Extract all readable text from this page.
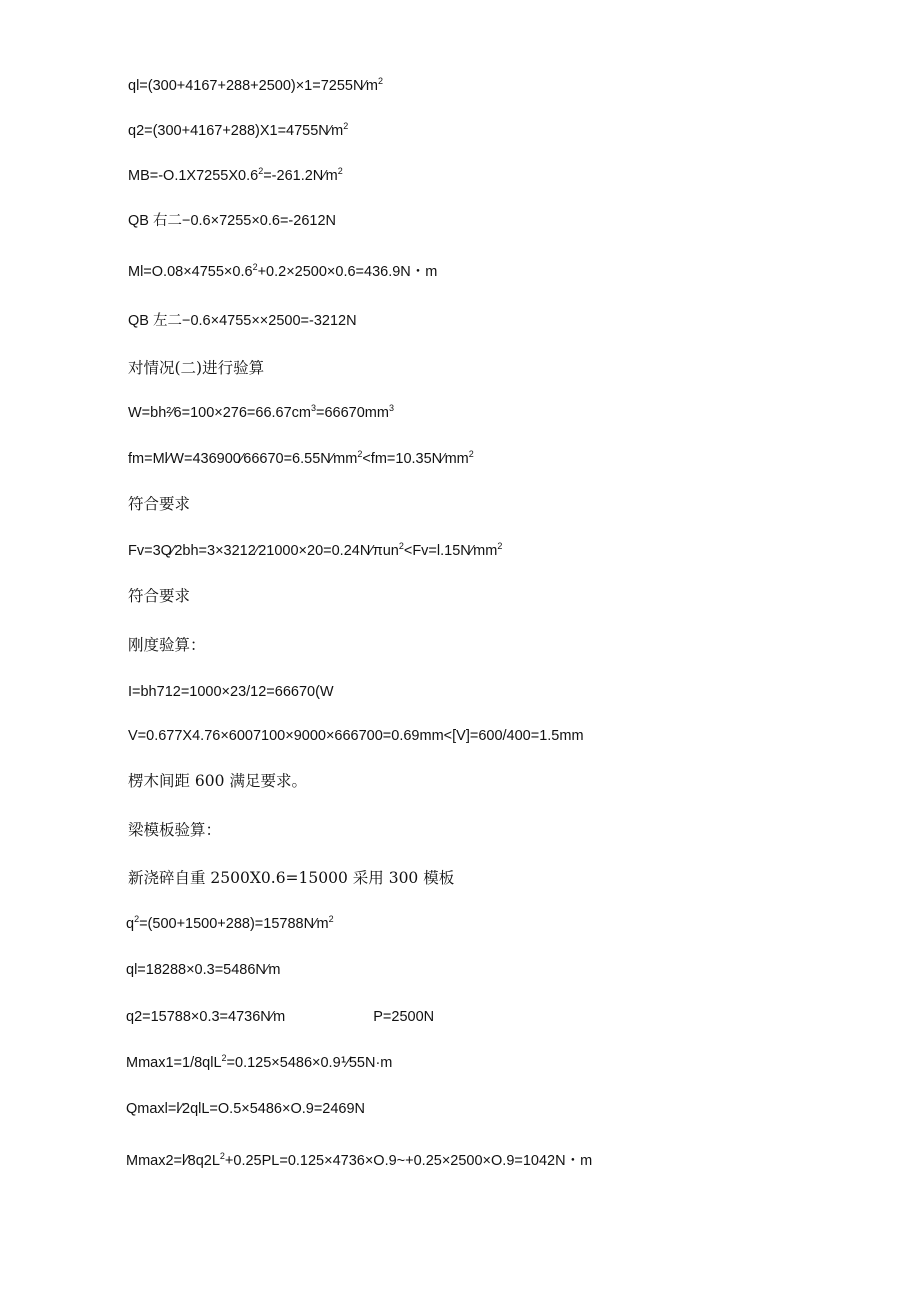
$ql=(300+4167+288+2500)\times 1=7255N⁄m^2$
$q2=(300+4167+288)X1=4755N⁄m^2$
$MB=-O.1X7255X0.6^2=-261.2N⁄m^2$
QB 右二−0.6×7255×0.6=-2612N
$Ml=O.08\times 4755\times 0.6^2+0.2\times 2500\times 0.6=436.9N$・m
QB 左二−0.6×4755××2500=-3212N
对情况(二)进行验算
$W=bh^2⁄6=100\times 276=66.67cm^3=66670mm^3$
$fm=Ml⁄W=436900⁄66670=6.55N⁄mm^2<fm=10.35N⁄mm^2$
符合要求
$Fv=3Q⁄2bh=3\times 3212⁄21000\times 20=0.24N⁄\pi un^2<Fv=l.15N⁄mm^2$
符合要求
刚度验算：
I=bh712=1000×23/12=66670(W
V=0.677X4.76×6007100×9000×666700=0.69mm<[V]=600/400=1.5mm
楞木间距 600 满足要求。
梁模板验算：
新浇碎自重 2500X0.6=15000 采用 300 模板
$q^2=(500+1500+288)=15788N⁄m^2$
ql=18288×0.3=5486N⁄m
q2=15788×0.3=4736N⁄m	P=2500N
Mmax1=1/8qlL$^2$=0.125×5486×0.9⅟55N·m
Qmaxl=l⁄2qlL=O.5×5486×O.9=2469N
$Mmax2=l⁄8q2L^2+0.25PL=0.125\times 4736\times O.9\sim+0.25\times 2500\times O.9=1042N$・m
